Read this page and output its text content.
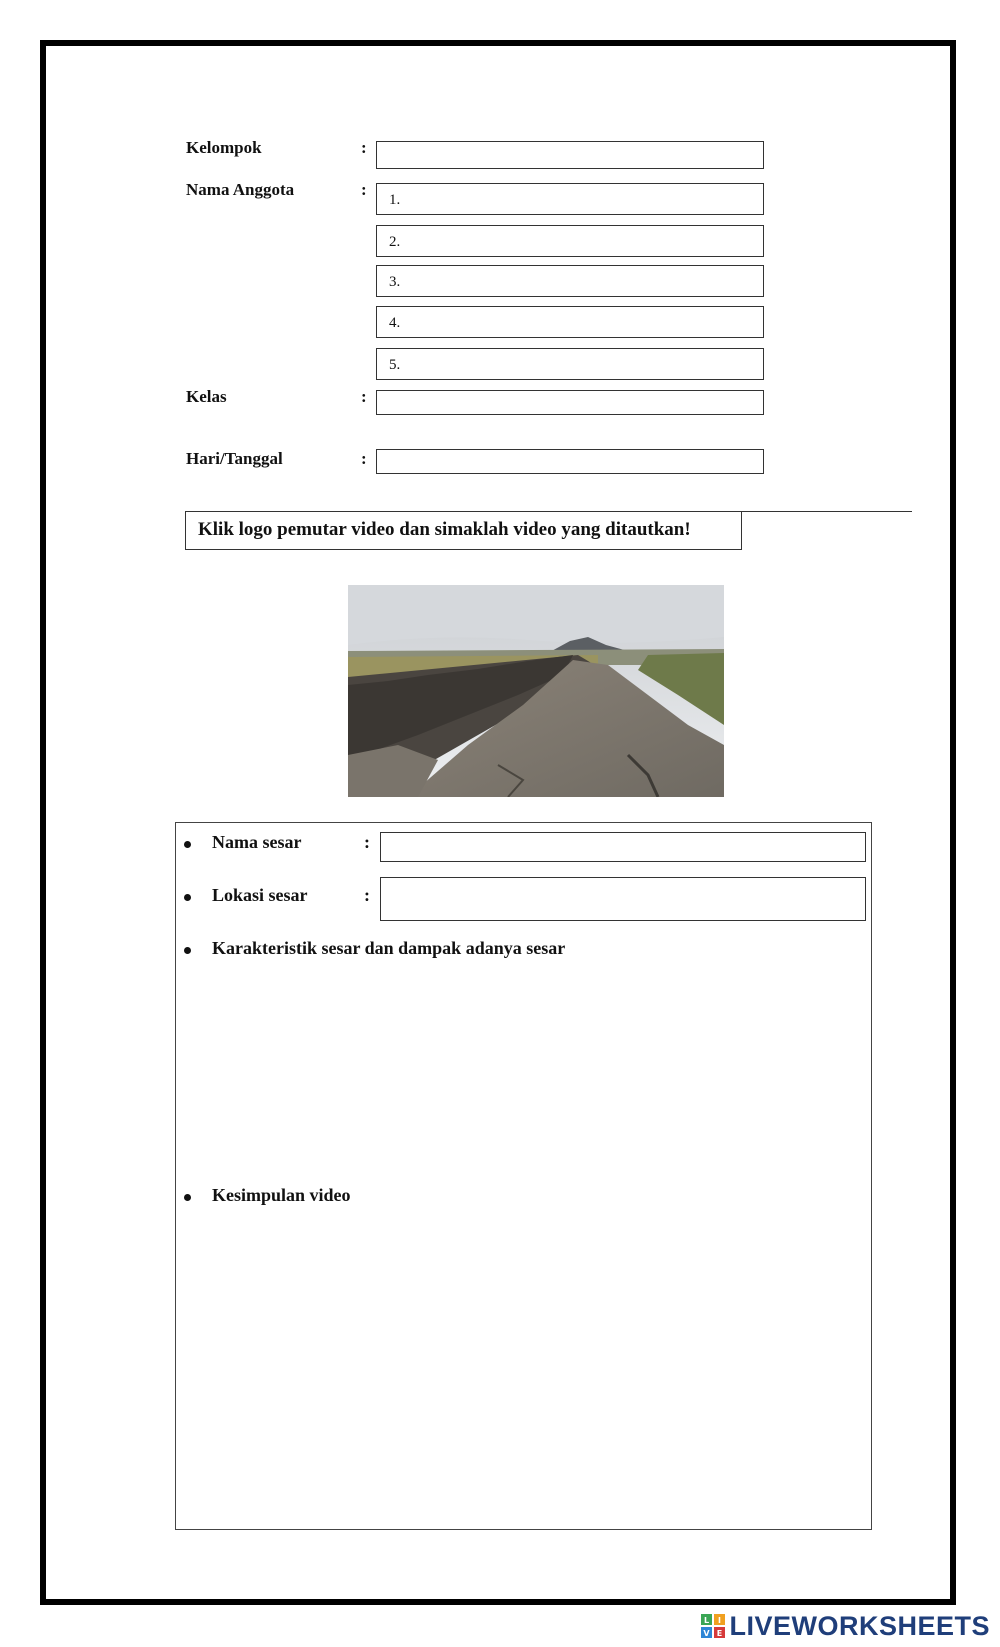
Kelompok	:
Nama Anggota	:
1.
2.
3.
4.
5.
Kelas	:
Hari/Tanggal	:
Klik logo pemutar video dan simaklah video yang ditautkan!
Nama sesar	:
Lokasi sesar	:
Karakteristik sesar dan dampak adanya sesar
Kesimpulan video
L I
V E LIVEWORKSHEETS
